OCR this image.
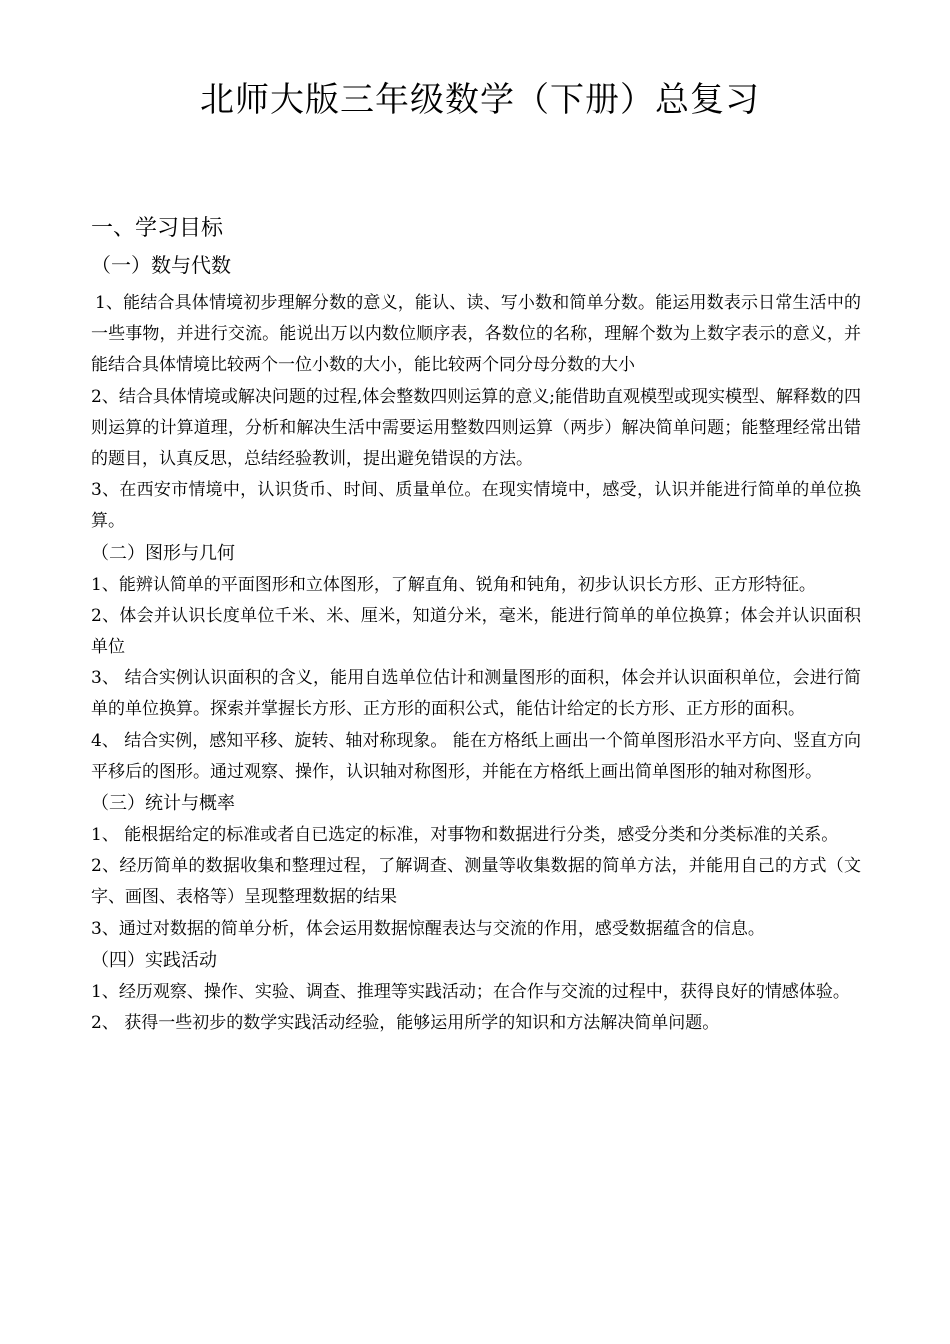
北师大版三年级数学（下册）总复习
一、学习目标
（一）数与代数

1、能结合具体情境初步理解分数的意义，能认、读、写小数和简单分数。能运用数表示日常生活中的一些事物，并进行交流。能说出万以内数位顺序表，各数位的名称，理解个数为上数字表示的意义，并能结合具体情境比较两个一位小数的大小，能比较两个同分母分数的大小

2、结合具体情境或解决问题的过程,体会整数四则运算的意义;能借助直观模型或现实模型、解释数的四则运算的计算道理，分析和解决生活中需要运用整数四则运算（两步）解决简单问题；能整理经常出错的题目，认真反思，总结经验教训，提出避免错误的方法。

3、在西安市情境中，认识货币、时间、质量单位。在现实情境中，感受，认识并能进行简单的单位换算。

（二）图形与几何

1、能辨认简单的平面图形和立体图形，了解直角、锐角和钝角，初步认识长方形、正方形特征。

2、体会并认识长度单位千米、米、厘米，知道分米，毫米，能进行简单的单位换算；体会并认识面积单位

3、 结合实例认识面积的含义，能用自选单位估计和测量图形的面积，体会并认识面积单位，会进行简单的单位换算。探索并掌握长方形、正方形的面积公式，能估计给定的长方形、正方形的面积。

4、 结合实例，感知平移、旋转、轴对称现象。 能在方格纸上画出一个简单图形沿水平方向、竖直方向平移后的图形。通过观察、操作，认识轴对称图形，并能在方格纸上画出简单图形的轴对称图形。

（三）统计与概率

1、 能根据给定的标准或者自已选定的标准，对事物和数据进行分类，感受分类和分类标准的关系。

2、经历简单的数据收集和整理过程，了解调查、测量等收集数据的简单方法，并能用自己的方式（文字、画图、表格等）呈现整理数据的结果

3、通过对数据的简单分析，体会运用数据惊醒表达与交流的作用，感受数据蕴含的信息。

（四）实践活动

1、经历观察、操作、实验、调查、推理等实践活动；在合作与交流的过程中，获得良好的情感体验。

2、 获得一些初步的数学实践活动经验，能够运用所学的知识和方法解决简单问题。
